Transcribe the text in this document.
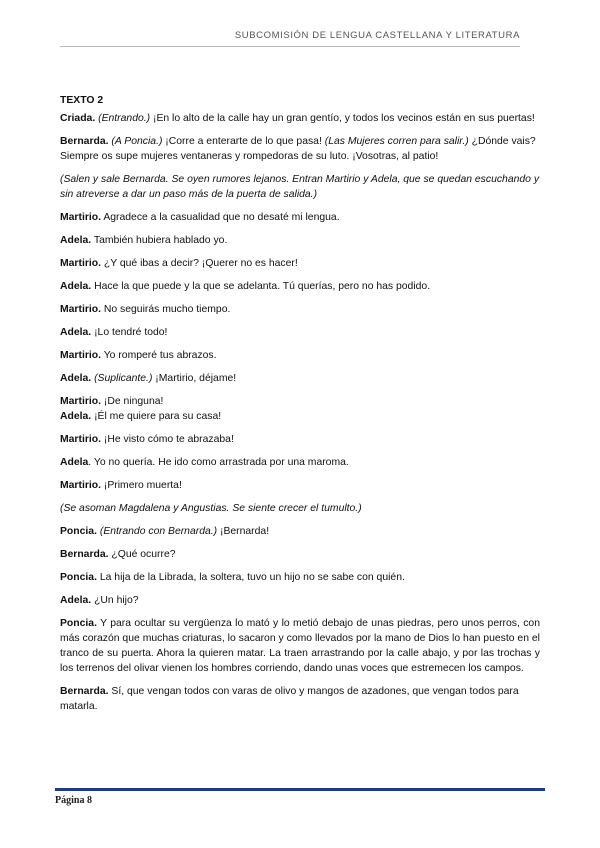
SUBCOMISIÓN DE LENGUA CASTELLANA Y LITERATURA
TEXTO 2

Criada. (Entrando.) ¡En lo alto de la calle hay un gran gentío, y todos los vecinos están en sus puertas!

Bernarda. (A Poncia.) ¡Corre a enterarte de lo que pasa! (Las Mujeres corren para salir.) ¿Dónde vais? Siempre os supe mujeres ventaneras y rompedoras de su luto. ¡Vosotras, al patio!

(Salen y sale Bernarda. Se oyen rumores lejanos. Entran Martirio y Adela, que se quedan escuchando y sin atreverse a dar un paso más de la puerta de salida.)

Martirio. Agradece a la casualidad que no desaté mi lengua.

Adela. También hubiera hablado yo.

Martirio. ¿Y qué ibas a decir? ¡Querer no es hacer!

Adela. Hace la que puede y la que se adelanta. Tú querías, pero no has podido.

Martirio. No seguirás mucho tiempo.

Adela. ¡Lo tendré todo!

Martirio. Yo romperé tus abrazos.

Adela. (Suplicante.) ¡Martirio, déjame!

Martirio. ¡De ninguna!

Adela. ¡Él me quiere para su casa!

Martirio. ¡He visto cómo te abrazaba!

Adela. Yo no quería. He ido como arrastrada por una maroma.

Martirio. ¡Primero muerta!

(Se asoman Magdalena y Angustias. Se siente crecer el tumulto.)

Poncia. (Entrando con Bernarda.) ¡Bernarda!

Bernarda. ¿Qué ocurre?

Poncia. La hija de la Librada, la soltera, tuvo un hijo no se sabe con quién.

Adela. ¿Un hijo?

Poncia. Y para ocultar su vergüenza lo mató y lo metió debajo de unas piedras, pero unos perros, con más corazón que muchas criaturas, lo sacaron y como llevados por la mano de Dios lo han puesto en el tranco de su puerta. Ahora la quieren matar. La traen arrastrando por la calle abajo, y por las trochas y los terrenos del olivar vienen los hombres corriendo, dando unas voces que estremecen los campos.

Bernarda. Sí, que vengan todos con varas de olivo y mangos de azadones, que vengan todos para matarla.

Página 8
